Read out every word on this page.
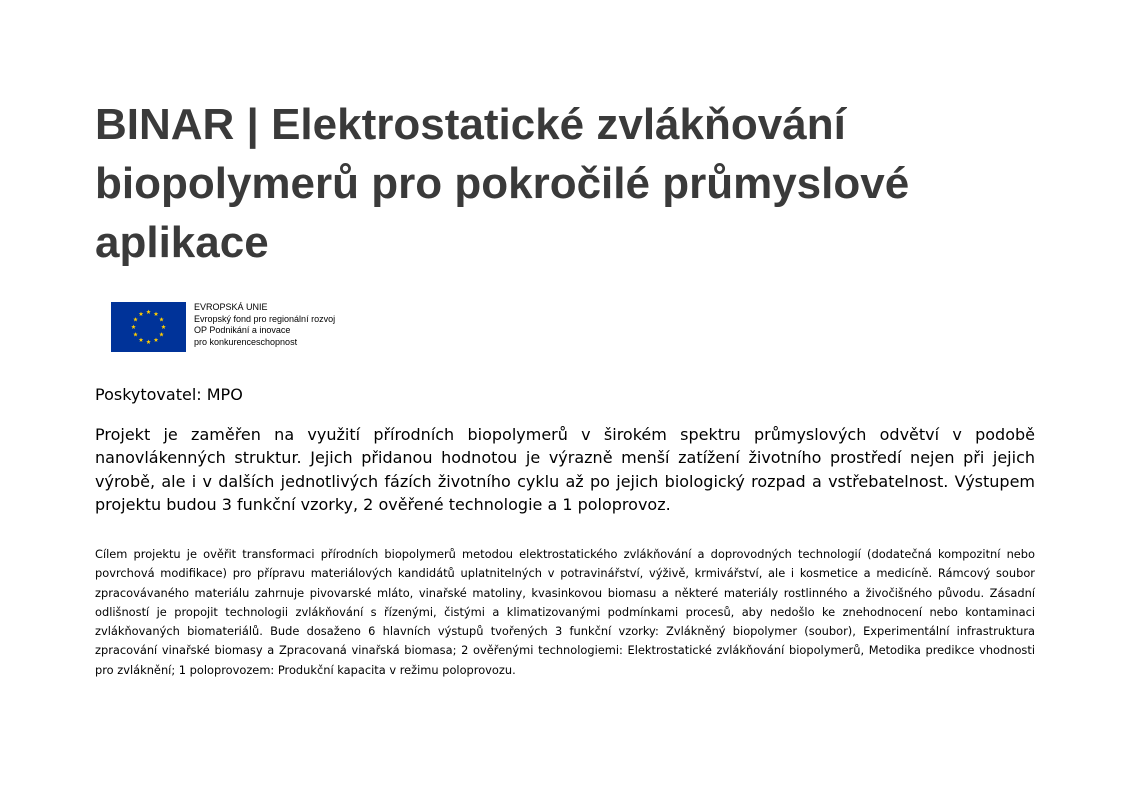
BINAR | Elektrostatické zvlákňování biopolymerů pro pokročilé průmyslové aplikace
EVROPSKÁ UNIE
Evropský fond pro regionální rozvoj
OP Podnikání a inovace
pro konkurenceschopnost

Poskytovatel: MPO

Projekt je zaměřen na využití přírodních biopolymerů v širokém spektru průmyslových odvětví v podobě nanovlákenných struktur. Jejich přidanou hodnotou je výrazně menší zatížení životního prostředí nejen při jejich výrobě, ale i v dalších jednotlivých fázích životního cyklu až po jejich biologický rozpad a vstřebatelnost. Výstupem projektu budou 3 funkční vzorky, 2 ověřené technologie a 1 poloprovoz.

Cílem projektu je ověřit transformaci přírodních biopolymerů metodou elektrostatického zvlákňování a doprovodných technologií (dodatečná kompozitní nebo povrchová modifikace) pro přípravu materiálových kandidátů uplatnitelných v potravinářství, výživě, krmivářství, ale i kosmetice a medicíně. Rámcový soubor zpracovávaného materiálu zahrnuje pivovarské mláto, vinařské matoliny, kvasinkovou biomasu a některé materiály rostlinného a živočišného původu. Zásadní odlišností je propojit technologii zvlákňování s řízenými, čistými a klimatizovanými podmínkami procesů, aby nedošlo ke znehodnocení nebo kontaminaci zvlákňovaných biomateriálů. Bude dosaženo 6 hlavních výstupů tvořených 3 funkční vzorky: Zvlákněný biopolymer (soubor), Experimentální infrastruktura zpracování vinařské biomasy a Zpracovaná vinařská biomasa; 2 ověřenými technologiemi: Elektrostatické zvlákňování biopolymerů, Metodika predikce vhodnosti pro zvláknění; 1 poloprovozem: Produkční kapacita v režimu poloprovozu.
